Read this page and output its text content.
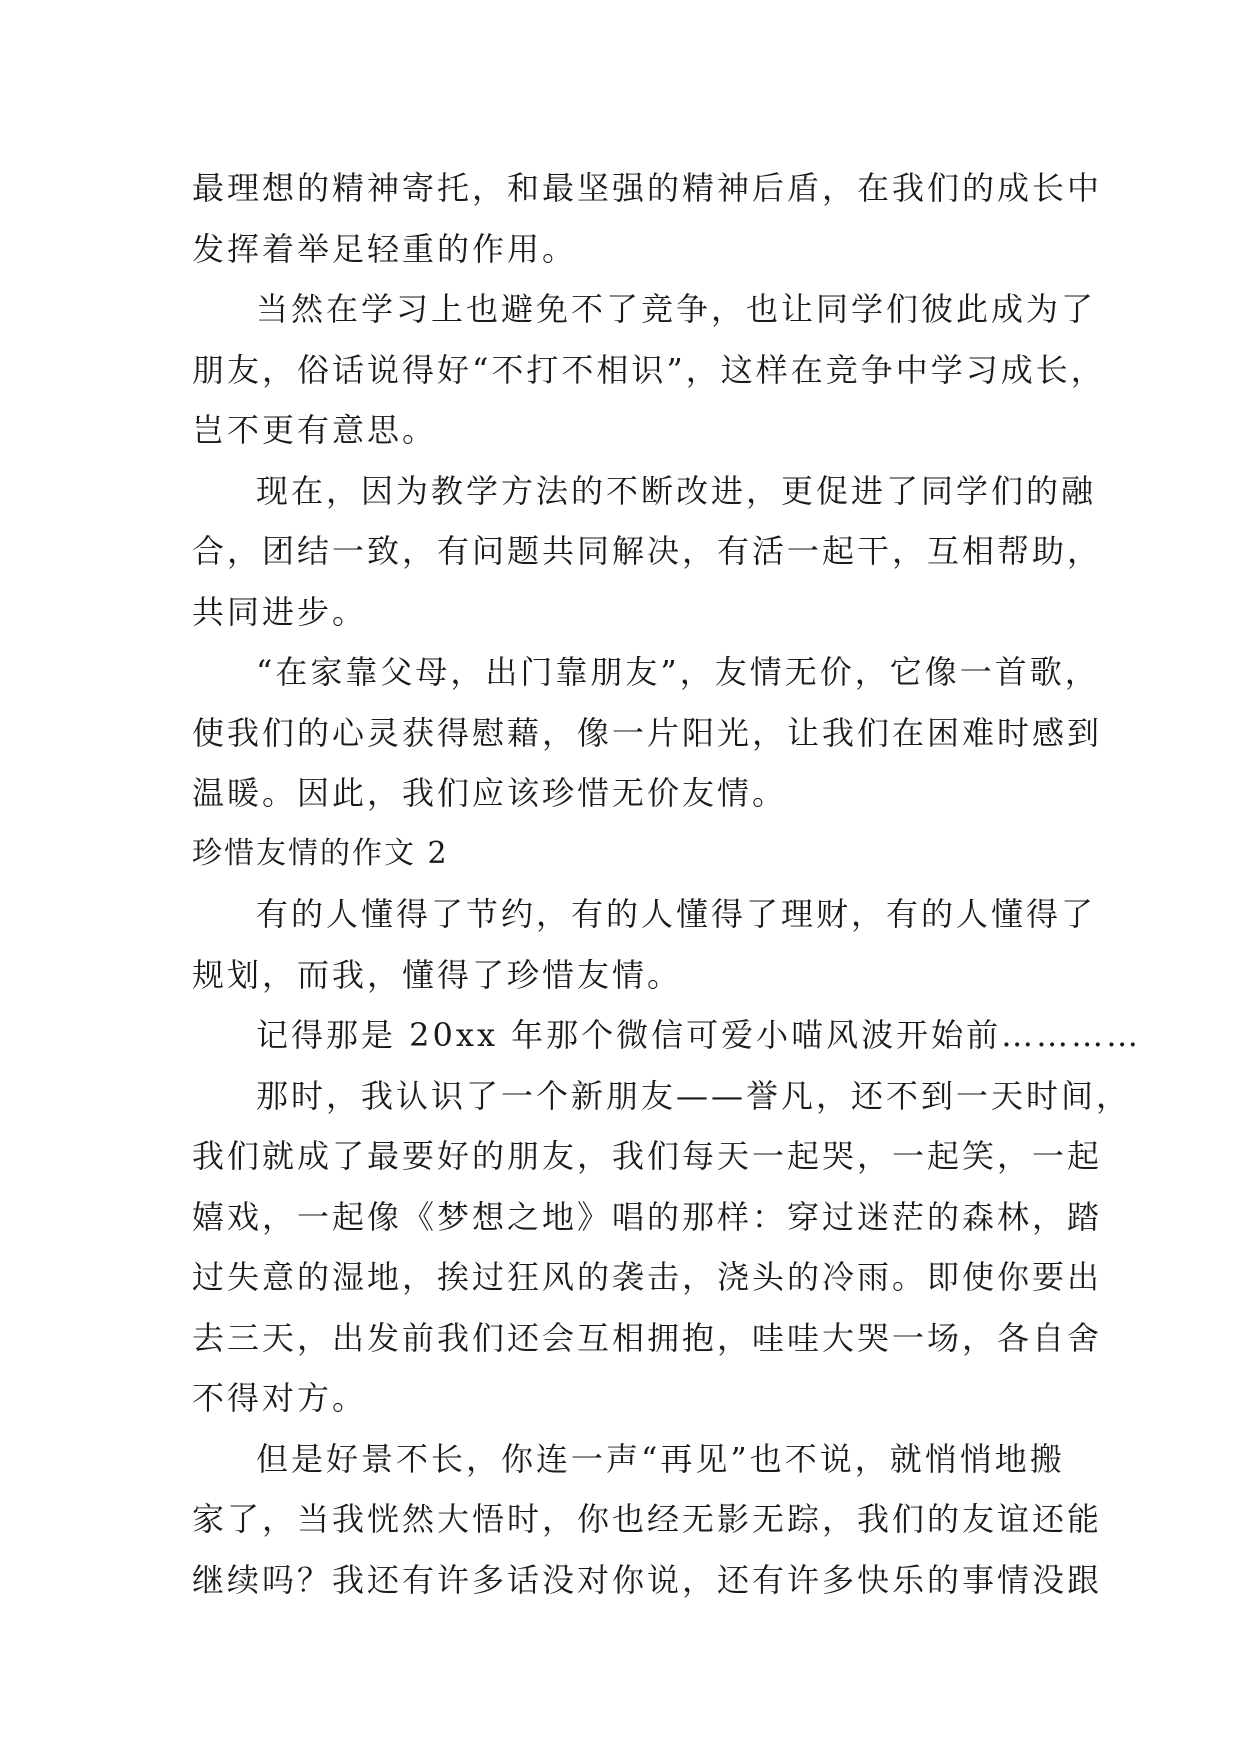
最理想的精神寄托，和最坚强的精神后盾，在我们的成长中
发挥着举足轻重的作用。
当然在学习上也避免不了竞争，也让同学们彼此成为了
朋友，俗话说得好“不打不相识”，这样在竞争中学习成长，
岂不更有意思。
现在，因为教学方法的不断改进，更促进了同学们的融
合，团结一致，有问题共同解决，有活一起干，互相帮助，
共同进步。
“在家靠父母，出门靠朋友”，友情无价，它像一首歌，
使我们的心灵获得慰藉，像一片阳光，让我们在困难时感到
温暖。因此，我们应该珍惜无价友情。
珍惜友情的作文 2
有的人懂得了节约，有的人懂得了理财，有的人懂得了
规划，而我，懂得了珍惜友情。
记得那是 20xx 年那个微信可爱小喵风波开始前…………
那时，我认识了一个新朋友——誉凡，还不到一天时间，
我们就成了最要好的朋友，我们每天一起哭，一起笑，一起
嬉戏，一起像《梦想之地》唱的那样：穿过迷茫的森林，踏
过失意的湿地，挨过狂风的袭击，浇头的冷雨。即使你要出
去三天，出发前我们还会互相拥抱，哇哇大哭一场，各自舍
不得对方。
但是好景不长，你连一声“再见”也不说，就悄悄地搬
家了，当我恍然大悟时，你也经无影无踪，我们的友谊还能
继续吗？我还有许多话没对你说，还有许多快乐的事情没跟
